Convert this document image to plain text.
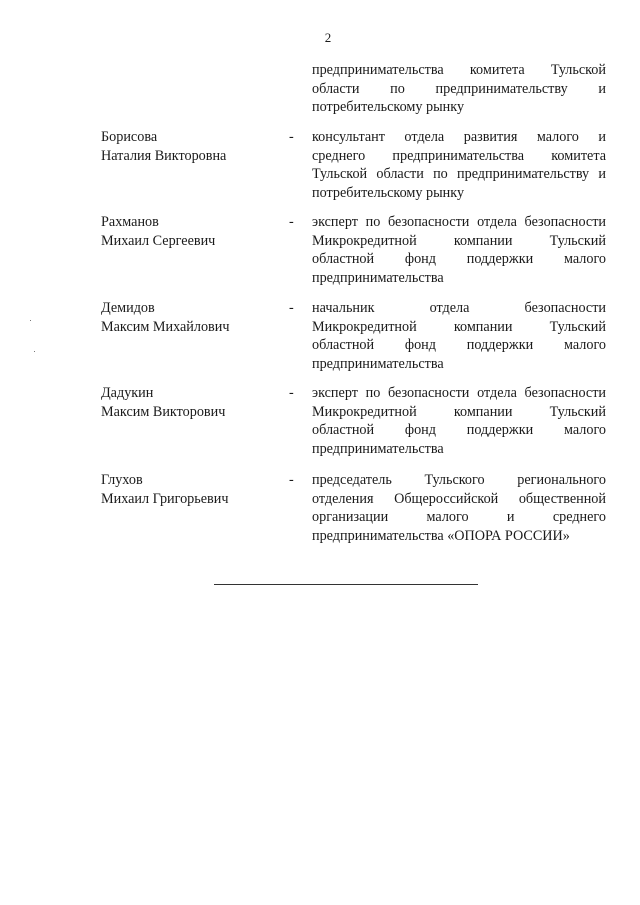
2
предпринимательства комитета Тульской
области по предпринимательству и
потребительскому рынку
Борисова
Наталия Викторовна
- консультант отдела развития малого и
среднего предпринимательства комитета
Тульской области по предпринимательству и
потребительскому рынку
Рахманов
Михаил Сергеевич
- эксперт по безопасности отдела безопасности
Микрокредитной компании Тульский
областной фонд поддержки малого
предпринимательства
Демидов
Максим Михайлович
- начальник отдела безопасности
Микрокредитной компании Тульский
областной фонд поддержки малого
предпринимательства
Дадукин
Максим Викторович
- эксперт по безопасности отдела безопасности
Микрокредитной компании Тульский
областной фонд поддержки малого
предпринимательства
Глухов
Михаил Григорьевич
- председатель Тульского регионального
отделения Общероссийской общественной
организации малого и среднего
предпринимательства «ОПОРА РОССИИ»
